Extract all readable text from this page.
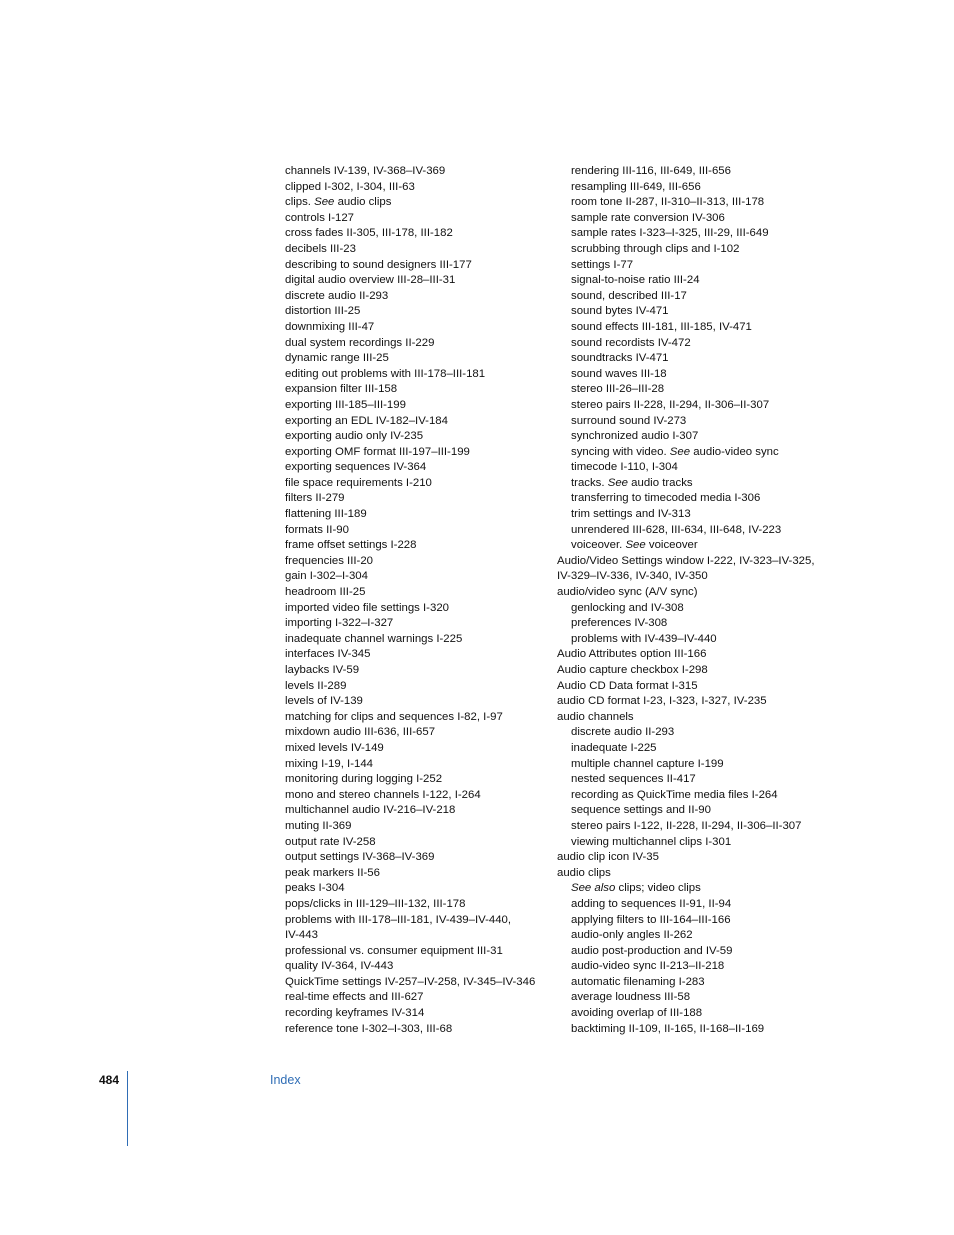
channels IV-139, IV-368–IV-369
clipped I-302, I-304, III-63
clips. See audio clips
controls I-127
cross fades II-305, III-178, III-182
decibels III-23
describing to sound designers III-177
digital audio overview III-28–III-31
discrete audio II-293
distortion III-25
downmixing III-47
dual system recordings II-229
dynamic range III-25
editing out problems with III-178–III-181
expansion filter III-158
exporting III-185–III-199
exporting an EDL IV-182–IV-184
exporting audio only IV-235
exporting OMF format III-197–III-199
exporting sequences IV-364
file space requirements I-210
filters II-279
flattening III-189
formats II-90
frame offset settings I-228
frequencies III-20
gain I-302–I-304
headroom III-25
imported video file settings I-320
importing I-322–I-327
inadequate channel warnings I-225
interfaces IV-345
laybacks IV-59
levels II-289
levels of IV-139
matching for clips and sequences I-82, I-97
mixdown audio III-636, III-657
mixed levels IV-149
mixing I-19, I-144
monitoring during logging I-252
mono and stereo channels I-122, I-264
multichannel audio IV-216–IV-218
muting II-369
output rate IV-258
output settings IV-368–IV-369
peak markers II-56
peaks I-304
pops/clicks in III-129–III-132, III-178
problems with III-178–III-181, IV-439–IV-440,
IV-443
professional vs. consumer equipment III-31
quality IV-364, IV-443
QuickTime settings IV-257–IV-258, IV-345–IV-346
real-time effects and III-627
recording keyframes IV-314
reference tone I-302–I-303, III-68
rendering III-116, III-649, III-656
resampling III-649, III-656
room tone II-287, II-310–II-313, III-178
sample rate conversion IV-306
sample rates I-323–I-325, III-29, III-649
scrubbing through clips and I-102
settings I-77
signal-to-noise ratio III-24
sound, described III-17
sound bytes IV-471
sound effects III-181, III-185, IV-471
sound recordists IV-472
soundtracks IV-471
sound waves III-18
stereo III-26–III-28
stereo pairs II-228, II-294, II-306–II-307
surround sound IV-273
synchronized audio I-307
syncing with video. See audio-video sync
timecode I-110, I-304
tracks. See audio tracks
transferring to timecoded media I-306
trim settings and IV-313
unrendered III-628, III-634, III-648, IV-223
voiceover. See voiceover
Audio/Video Settings window I-222, IV-323–IV-325,
IV-329–IV-336, IV-340, IV-350
audio/video sync (A/V sync)
genlocking and IV-308
preferences IV-308
problems with IV-439–IV-440
Audio Attributes option III-166
Audio capture checkbox I-298
Audio CD Data format I-315
audio CD format I-23, I-323, I-327, IV-235
audio channels
discrete audio II-293
inadequate I-225
multiple channel capture I-199
nested sequences II-417
recording as QuickTime media files I-264
sequence settings and II-90
stereo pairs I-122, II-228, II-294, II-306–II-307
viewing multichannel clips I-301
audio clip icon IV-35
audio clips
See also clips; video clips
adding to sequences II-91, II-94
applying filters to III-164–III-166
audio-only angles II-262
audio post-production and IV-59
audio-video sync II-213–II-218
automatic filenaming I-283
average loudness III-58
avoiding overlap of III-188
backtiming II-109, II-165, II-168–II-169
484	Index
